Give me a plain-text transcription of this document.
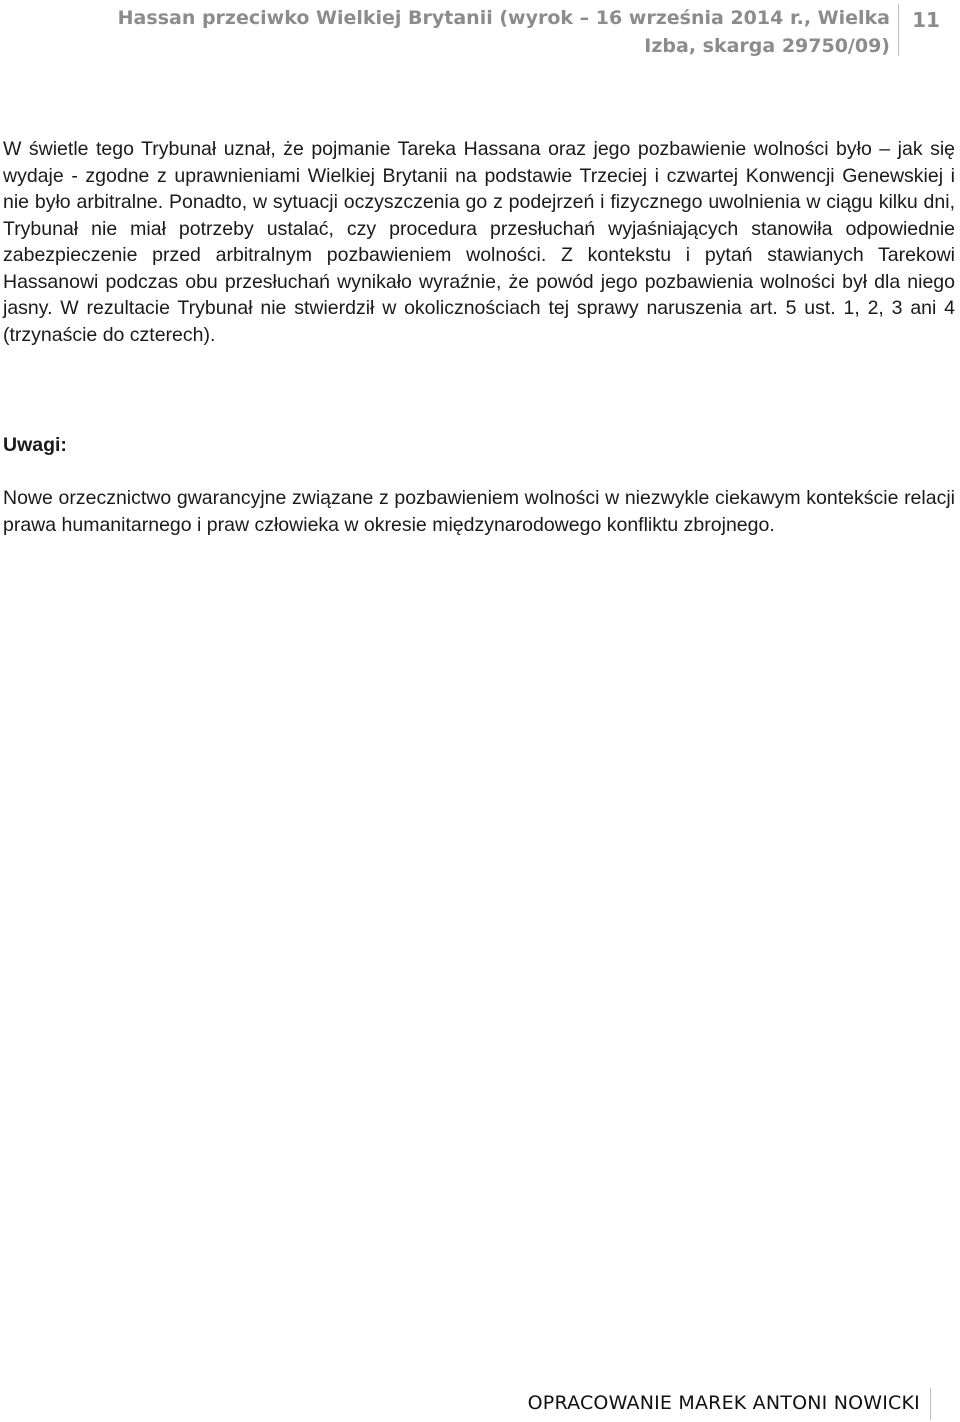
Hassan przeciwko Wielkiej Brytanii (wyrok – 16 września 2014 r., Wielka Izba, skarga 29750/09)
11

W świetle tego Trybunał uznał, że pojmanie Tareka Hassana oraz jego pozbawienie wolności było – jak się wydaje - zgodne z uprawnieniami Wielkiej Brytanii na podstawie Trzeciej i czwartej Konwencji Genewskiej i nie było arbitralne. Ponadto, w sytuacji oczyszczenia go z podejrzeń i fizycznego uwolnienia w ciągu kilku dni, Trybunał nie miał potrzeby ustalać, czy procedura przesłuchań wyjaśniających stanowiła odpowiednie zabezpieczenie przed arbitralnym pozbawieniem wolności. Z kontekstu i pytań stawianych Tarekowi Hassanowi podczas obu przesłuchań wynikało wyraźnie, że powód jego pozbawienia wolności był dla niego jasny. W rezultacie Trybunał nie stwierdził w okolicznościach tej sprawy naruszenia art. 5 ust. 1, 2, 3 ani 4 (trzynaście do czterech).

Uwagi:

Nowe orzecznictwo gwarancyjne związane z pozbawieniem wolności w niezwykle ciekawym kontekście relacji prawa humanitarnego i praw człowieka w okresie międzynarodowego konfliktu zbrojnego.

OPRACOWANIE MAREK ANTONI NOWICKI
